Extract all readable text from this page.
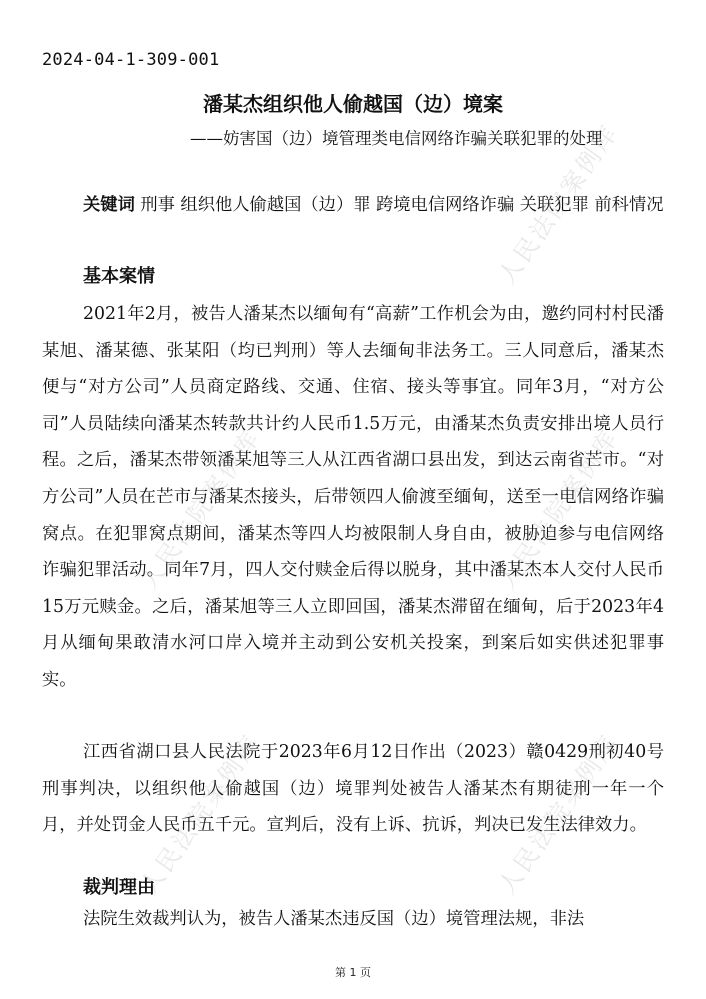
2024-04-1-309-001
潘某杰组织他人偷越国（边）境案
——妨害国（边）境管理类电信网络诈骗关联犯罪的处理
关键词 刑事 组织他人偷越国（边）罪 跨境电信网络诈骗 关联犯罪 前科情况
基本案情
2021年2月，被告人潘某杰以缅甸有“高薪”工作机会为由，邀约同村村民潘某旭、潘某德、张某阳（均已判刑）等人去缅甸非法务工。三人同意后，潘某杰便与“对方公司”人员商定路线、交通、住宿、接头等事宜。同年3月，“对方公司”人员陆续向潘某杰转款共计约人民币1.5万元，由潘某杰负责安排出境人员行程。之后，潘某杰带领潘某旭等三人从江西省湖口县出发，到达云南省芒市。“对方公司”人员在芒市与潘某杰接头，后带领四人偷渡至缅甸，送至一电信网络诈骗窝点。在犯罪窝点期间，潘某杰等四人均被限制人身自由，被胁迫参与电信网络诈骗犯罪活动。同年7月，四人交付赎金后得以脱身，其中潘某杰本人交付人民币15万元赎金。之后，潘某旭等三人立即回国，潘某杰滞留在缅甸，后于2023年4月从缅甸果敢清水河口岸入境并主动到公安机关投案，到案后如实供述犯罪事实。
江西省湖口县人民法院于2023年6月12日作出（2023）赣0429刑初40号刑事判决，以组织他人偷越国（边）境罪判处被告人潘某杰有期徒刑一年一个月，并处罚金人民币五千元。宣判后，没有上诉、抗诉，判决已发生法律效力。
裁判理由
法院生效裁判认为，被告人潘某杰违反国（边）境管理法规，非法
第 1 页
人民法院案例库
人民法院案例库	人民法院案例库
人民法院案例库	人民法院案例库
